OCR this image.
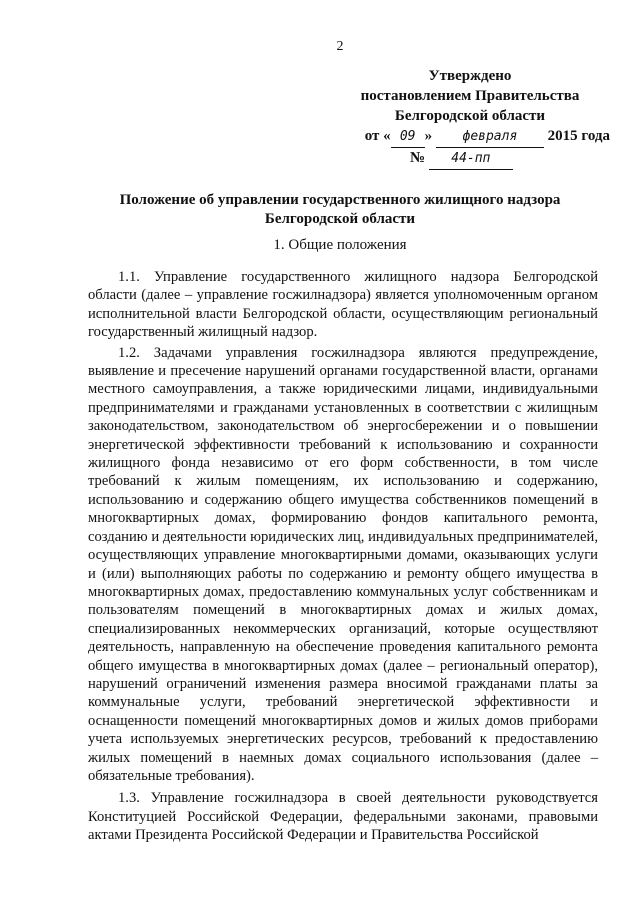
2
Утверждено
постановлением Правительства
Белгородской области
от « 09 » февраля 2015 года
№ 44-пп
Положение об управлении государственного жилищного надзора
Белгородской области
1. Общие положения

1.1. Управление государственного жилищного надзора Белгородской области (далее – управление госжилнадзора) является уполномоченным органом исполнительной власти Белгородской области, осуществляющим региональный государственный жилищный надзор.

1.2. Задачами управления госжилнадзора являются предупреждение, выявление и пресечение нарушений органами государственной власти, органами местного самоуправления, а также юридическими лицами, индивидуальными предпринимателями и гражданами установленных в соответствии с жилищным законодательством, законодательством об энергосбережении и о повышении энергетической эффективности требований к использованию и сохранности жилищного фонда независимо от его форм собственности, в том числе требований к жилым помещениям, их использованию и содержанию, использованию и содержанию общего имущества собственников помещений в многоквартирных домах, формированию фондов капитального ремонта, созданию и деятельности юридических лиц, индивидуальных предпринимателей, осуществляющих управление многоквартирными домами, оказывающих услуги и (или) выполняющих работы по содержанию и ремонту общего имущества в многоквартирных домах, предоставлению коммунальных услуг собственникам и пользователям помещений в многоквартирных домах и жилых домах, специализированных некоммерческих организаций, которые осуществляют деятельность, направленную на обеспечение проведения капитального ремонта общего имущества в многоквартирных домах (далее – региональный оператор), нарушений ограничений изменения размера вносимой гражданами платы за коммунальные услуги, требований энергетической эффективности и оснащенности помещений многоквартирных домов и жилых домов приборами учета используемых энергетических ресурсов, требований к предоставлению жилых помещений в наемных домах социального использования (далее – обязательные требования).

1.3. Управление госжилнадзора в своей деятельности руководствуется Конституцией Российской Федерации, федеральными законами, правовыми актами Президента Российской Федерации и Правительства Российской
